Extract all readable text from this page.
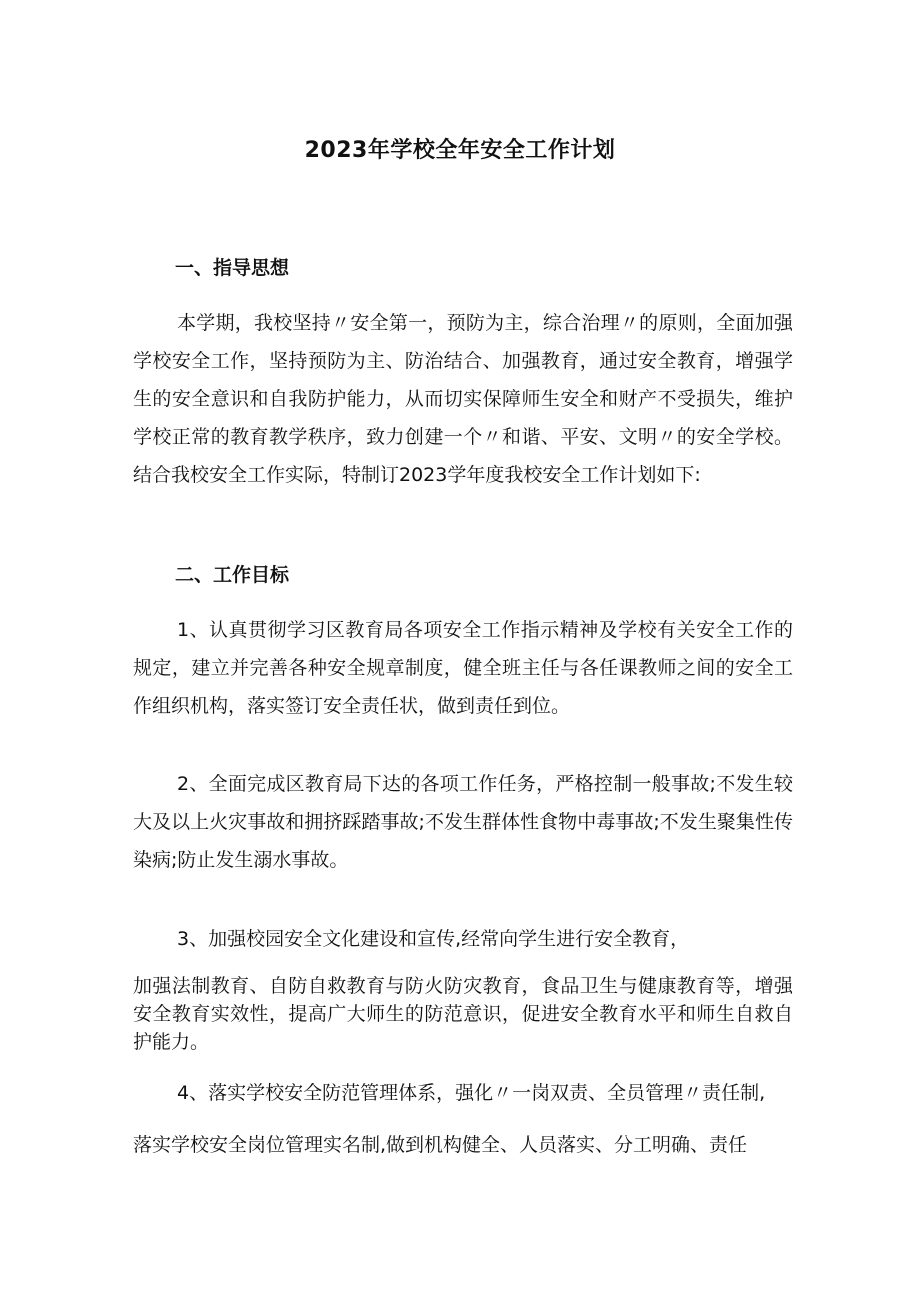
2023年学校全年安全工作计划
一、指导思想
本学期，我校坚持〃安全第一，预防为主，综合治理〃的原则，全面加强学校安全工作，坚持预防为主、防治结合、加强教育，通过安全教育，增强学生的安全意识和自我防护能力，从而切实保障师生安全和财产不受损失，维护学校正常的教育教学秩序，致力创建一个〃和谐、平安、文明〃的安全学校。结合我校安全工作实际，特制订2023学年度我校安全工作计划如下:
二、工作目标
1、认真贯彻学习区教育局各项安全工作指示精神及学校有关安全工作的规定，建立并完善各种安全规章制度，健全班主任与各任课教师之间的安全工作组织机构，落实签订安全责任状，做到责任到位。
2、全面完成区教育局下达的各项工作任务，严格控制一般事故;不发生较大及以上火灾事故和拥挤踩踏事故;不发生群体性食物中毒事故;不发生聚集性传染病;防止发生溺水事故。
3、加强校园安全文化建设和宣传,经常向学生进行安全教育，
加强法制教育、自防自救教育与防火防灾教育，食品卫生与健康教育等，增强安全教育实效性，提高广大师生的防范意识，促进安全教育水平和师生自救自护能力。
4、落实学校安全防范管理体系，强化〃一岗双责、全员管理〃责任制,
落实学校安全岗位管理实名制,做到机构健全、人员落实、分工明确、责任
